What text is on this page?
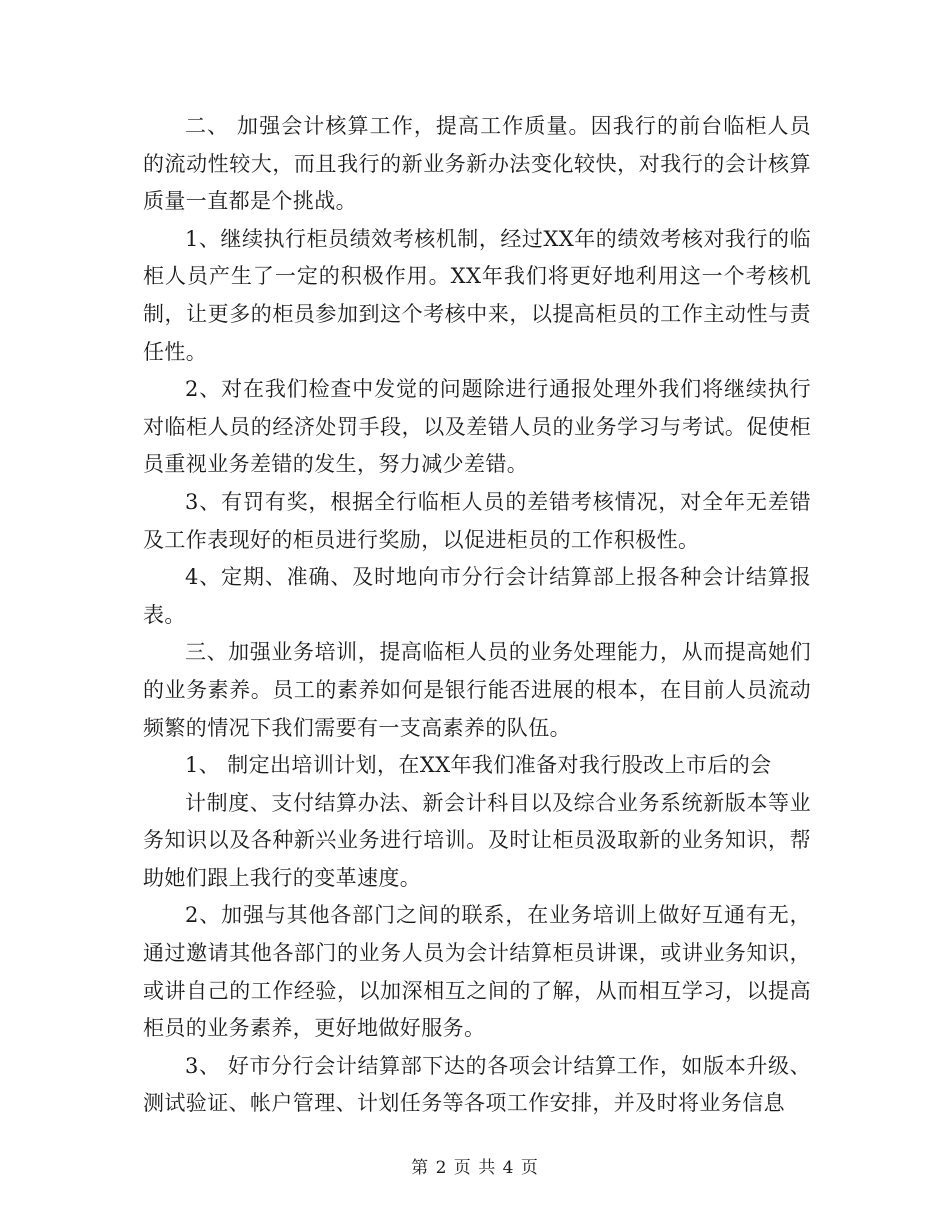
二、 加强会计核算工作，提高工作质量。因我行的前台临柜人员的流动性较大，而且我行的新业务新办法变化较快，对我行的会计核算质量一直都是个挑战。

1、继续执行柜员绩效考核机制，经过XX年的绩效考核对我行的临柜人员产生了一定的积极作用。XX年我们将更好地利用这一个考核机制，让更多的柜员参加到这个考核中来，以提高柜员的工作主动性与责任性。

2、对在我们检查中发觉的问题除进行通报处理外我们将继续执行对临柜人员的经济处罚手段，以及差错人员的业务学习与考试。促使柜员重视业务差错的发生，努力减少差错。

3、有罚有奖，根据全行临柜人员的差错考核情况，对全年无差错及工作表现好的柜员进行奖励，以促进柜员的工作积极性。

4、定期、准确、及时地向市分行会计结算部上报各种会计结算报表。

三、加强业务培训，提高临柜人员的业务处理能力，从而提高她们的业务素养。员工的素养如何是银行能否进展的根本，在目前人员流动频繁的情况下我们需要有一支高素养的队伍。

1、 制定出培训计划，在XX年我们准备对我行股改上市后的会

计制度、支付结算办法、新会计科目以及综合业务系统新版本等业务知识以及各种新兴业务进行培训。及时让柜员汲取新的业务知识，帮助她们跟上我行的变革速度。

2、加强与其他各部门之间的联系，在业务培训上做好互通有无，通过邀请其他各部门的业务人员为会计结算柜员讲课，或讲业务知识，或讲自己的工作经验，以加深相互之间的了解，从而相互学习，以提高柜员的业务素养，更好地做好服务。

3、 好市分行会计结算部下达的各项会计结算工作，如版本升级、测试验证、帐户管理、计划任务等各项工作安排，并及时将业务信息

第 2 页 共 4 页
